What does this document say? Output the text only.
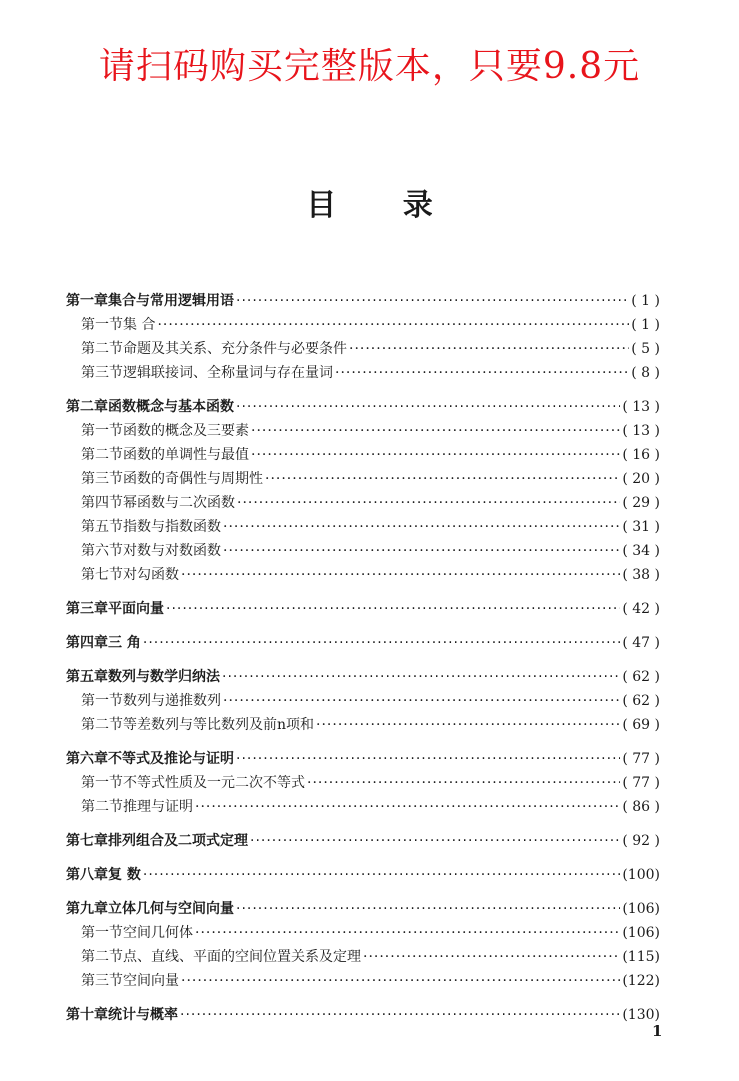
请扫码购买完整版本，只要9.8元
目 录
第一章 集合与常用逻辑用语 ·····	( 1 )
第一节 集 合 ·····	( 1 )
第二节 命题及其关系、充分条件与必要条件 ·····	( 5 )
第三节 逻辑联接词、全称量词与存在量词 ·····	( 8 )
第二章 函数概念与基本函数 ·····	( 13 )
第一节 函数的概念及三要素 ·····	( 13 )
第二节 函数的单调性与最值 ·····	( 16 )
第三节 函数的奇偶性与周期性 ·····	( 20 )
第四节 幂函数与二次函数 ·····	( 29 )
第五节 指数与指数函数 ·····	( 31 )
第六节 对数与对数函数 ·····	( 34 )
第七节 对勾函数 ·····	( 38 )
第三章 平面向量 ·····	( 42 )
第四章 三 角 ·····	( 47 )
第五章 数列与数学归纳法 ·····	( 62 )
第一节 数列与递推数列 ·····	( 62 )
第二节 等差数列与等比数列及前n项和 ·····	( 69 )
第六章 不等式及推论与证明 ·····	( 77 )
第一节 不等式性质及一元二次不等式 ·····	( 77 )
第二节 推理与证明 ·····	( 86 )
第七章 排列组合及二项式定理 ·····	( 92 )
第八章 复 数 ·····	(100)
第九章 立体几何与空间向量 ·····	(106)
第一节 空间几何体 ·····	(106)
第二节 点、直线、平面的空间位置关系及定理 ·····	(115)
第三节 空间向量 ·····	(122)
第十章 统计与概率 ·····	(130)
1
